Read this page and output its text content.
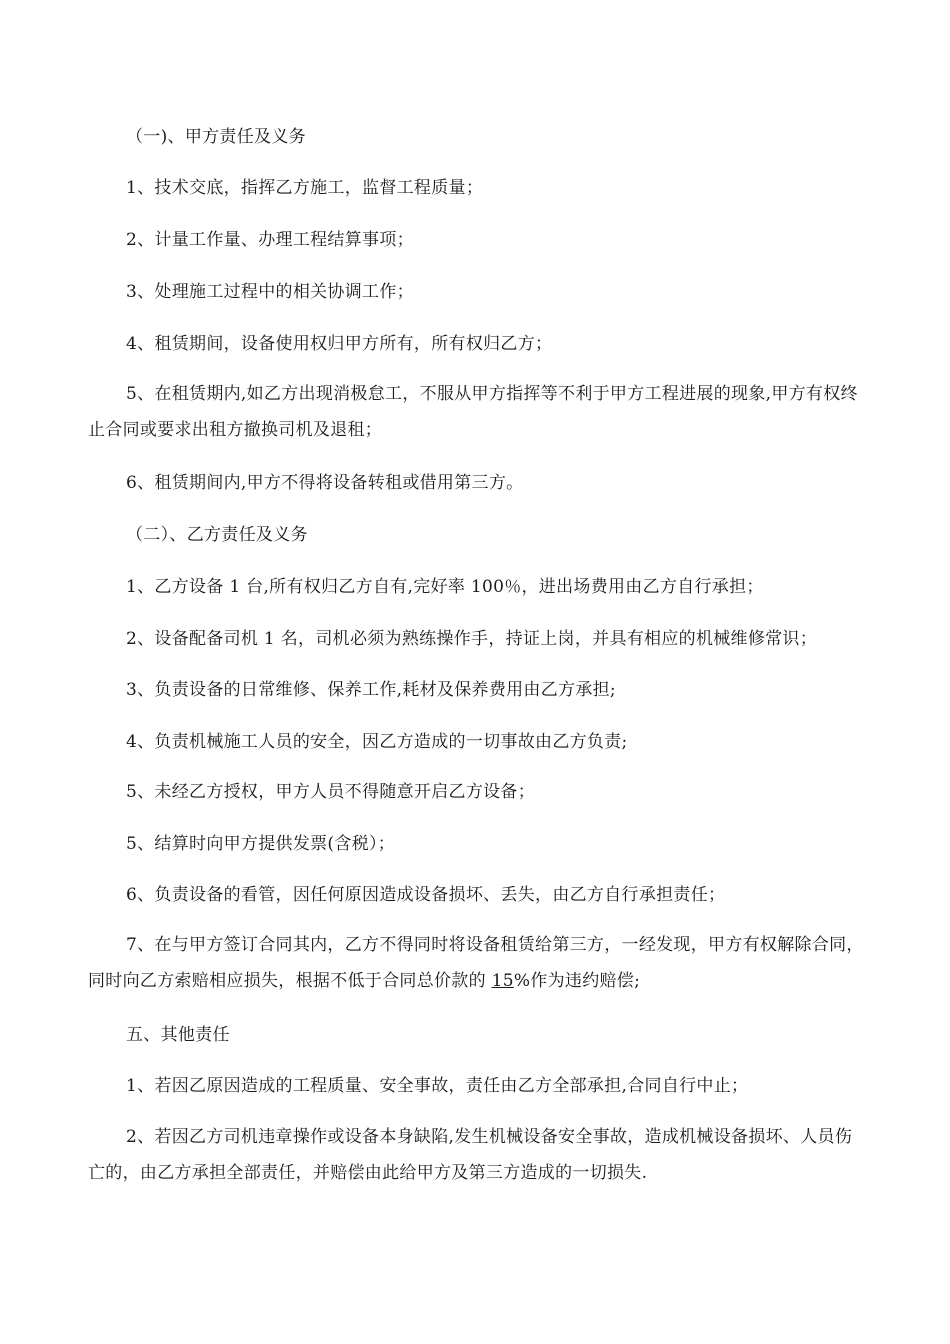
（一)、甲方责任及义务

1、技术交底，指挥乙方施工，监督工程质量；

2、计量工作量、办理工程结算事项；

3、处理施工过程中的相关协调工作；

4、租赁期间，设备使用权归甲方所有，所有权归乙方；

5、在租赁期内,如乙方出现消极怠工，不服从甲方指挥等不利于甲方工程进展的现象,甲方有权终止合同或要求出租方撤换司机及退租；

6、租赁期间内,甲方不得将设备转租或借用第三方。

（二）、乙方责任及义务

1、乙方设备 1 台,所有权归乙方自有,完好率 100％，进出场费用由乙方自行承担；

2、设备配备司机 1 名，司机必须为熟练操作手，持证上岗，并具有相应的机械维修常识；

3、负责设备的日常维修、保养工作,耗材及保养费用由乙方承担;

4、负责机械施工人员的安全，因乙方造成的一切事故由乙方负责;

5、未经乙方授权，甲方人员不得随意开启乙方设备；

5、结算时向甲方提供发票(含税）；

6、负责设备的看管，因任何原因造成设备损坏、丢失，由乙方自行承担责任；

7、在与甲方签订合同其内，乙方不得同时将设备租赁给第三方，一经发现，甲方有权解除合同，同时向乙方索赔相应损失，根据不低于合同总价款的 15%作为违约赔偿;

五、其他责任

1、若因乙原因造成的工程质量、安全事故，责任由乙方全部承担,合同自行中止；

2、若因乙方司机违章操作或设备本身缺陷,发生机械设备安全事故，造成机械设备损坏、人员伤亡的，由乙方承担全部责任，并赔偿由此给甲方及第三方造成的一切损失.
